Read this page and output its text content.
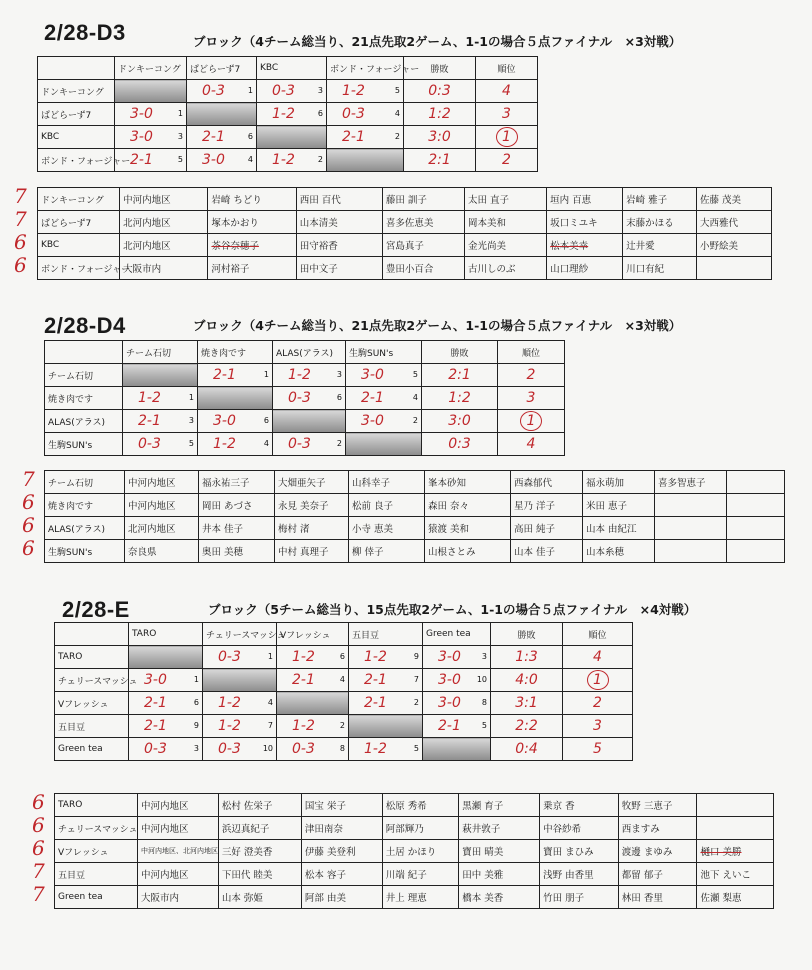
2/28-D3	ブロック（4チーム総当り、21点先取2ゲーム、1-1の場合５点ファイナル　×3対戦）
	ドンキーコング	ぱどらーず7	KBC	ボンド・フォージャー	勝敗	順位
ドンキーコング		0-3 1	0-3 3	1-2 5	0:3	4
ぱどらーず7	3-0 1		1-2 6	0-3 4	1:2	3
KBC	3-0 3	2-1 6		2-1 2	3:0	1
ボンド・フォージャー	2-1 5	3-0 4	1-2 2		2:1	2
ドンキーコング	中河内地区	岩崎 ちどり	西田 百代	藤田 訓子	太田 直子	垣内 百恵	岩崎 雅子	佐藤 茂美
ぱどらーず7	北河内地区	塚本かおり	山本清美	喜多佐恵美	岡本美和	坂口ミユキ	末藤かほる	大西雅代
KBC	北河内地区	茶谷奈穂子	田守裕香	宮島真子	金光尚美	松本美幸	辻井愛	小野絵美
ボンド・フォージャー	大阪市内	河村裕子	田中文子	豊田小百合	古川しのぶ	山口理紗	川口有紀	
7
7
6
6
2/28-D4	ブロック（4チーム総当り、21点先取2ゲーム、1-1の場合５点ファイナル　×3対戦）
	チーム石切	焼き肉です	ALAS(アラス)	生駒SUN's	勝敗	順位
チーム石切		2-1 1	1-2 3	3-0 5	2:1	2
焼き肉です	1-2 1		0-3 6	2-1 4	1:2	3
ALAS(アラス)	2-1 3	3-0 6		3-0 2	3:0	1
生駒SUN's	0-3 5	1-2 4	0-3 2		0:3	4
チーム石切	中河内地区	福永祐三子	大畑亜矢子	山科幸子	峯本砂知	西森郁代	福永萌加	喜多智恵子	
焼き肉です	中河内地区	岡田 あづさ	永見 美奈子	松前 良子	森田 奈々	星乃 洋子	米田 恵子		
ALAS(アラス)	北河内地区	井本 佳子	梅村 渚	小寺 恵美	猿渡 美和	高田 純子	山本 由紀江		
生駒SUN's	奈良県	奥田 美穂	中村 真理子	柳 倖子	山根さとみ	山本 佳子	山本糸穂		
7
6
6
6
2/28-E	ブロック（5チーム総当り、15点先取2ゲーム、1-1の場合５点ファイナル　×4対戦）
	TARO	チェリースマッシュ	Vフレッシュ	五目豆	Green tea	勝敗	順位
TARO		0-3 1	1-2 6	1-2 9	3-0 3	1:3	4
チェリースマッシュ	3-0 1		2-1 4	2-1 7	3-0 10	4:0	1
Vフレッシュ	2-1 6	1-2 4		2-1 2	3-0 8	3:1	2
五目豆	2-1 9	1-2 7	1-2 2		2-1 5	2:2	3
Green tea	0-3 3	0-3 10	0-3 8	1-2 5		0:4	5
TARO	中河内地区	松村 佐栄子	国宝 栄子	松原 秀希	黒瀬 育子	乗京 香	牧野 三恵子	
チェリースマッシュ	中河内地区	浜辺真紀子	津田南奈	阿部輝乃	萩井敦子	中谷紗希	西ますみ	
Vフレッシュ	中河内地区、北河内地区	三好 澄美香	伊藤 美登利	土居 かほり	寶田 晴美	寶田 まひみ	渡邊 まゆみ	樋口 美勝
五目豆	中河内地区	下田代 睦美	松本 容子	川端 紀子	田中 美雅	浅野 由香里	都留 郁子	池下 えいこ
Green tea	大阪市内	山本 弥姫	阿部 由美	井上 理恵	橋本 美香	竹田 朋子	林田 香里	佐瀬 梨恵
6
6
6
7
7
